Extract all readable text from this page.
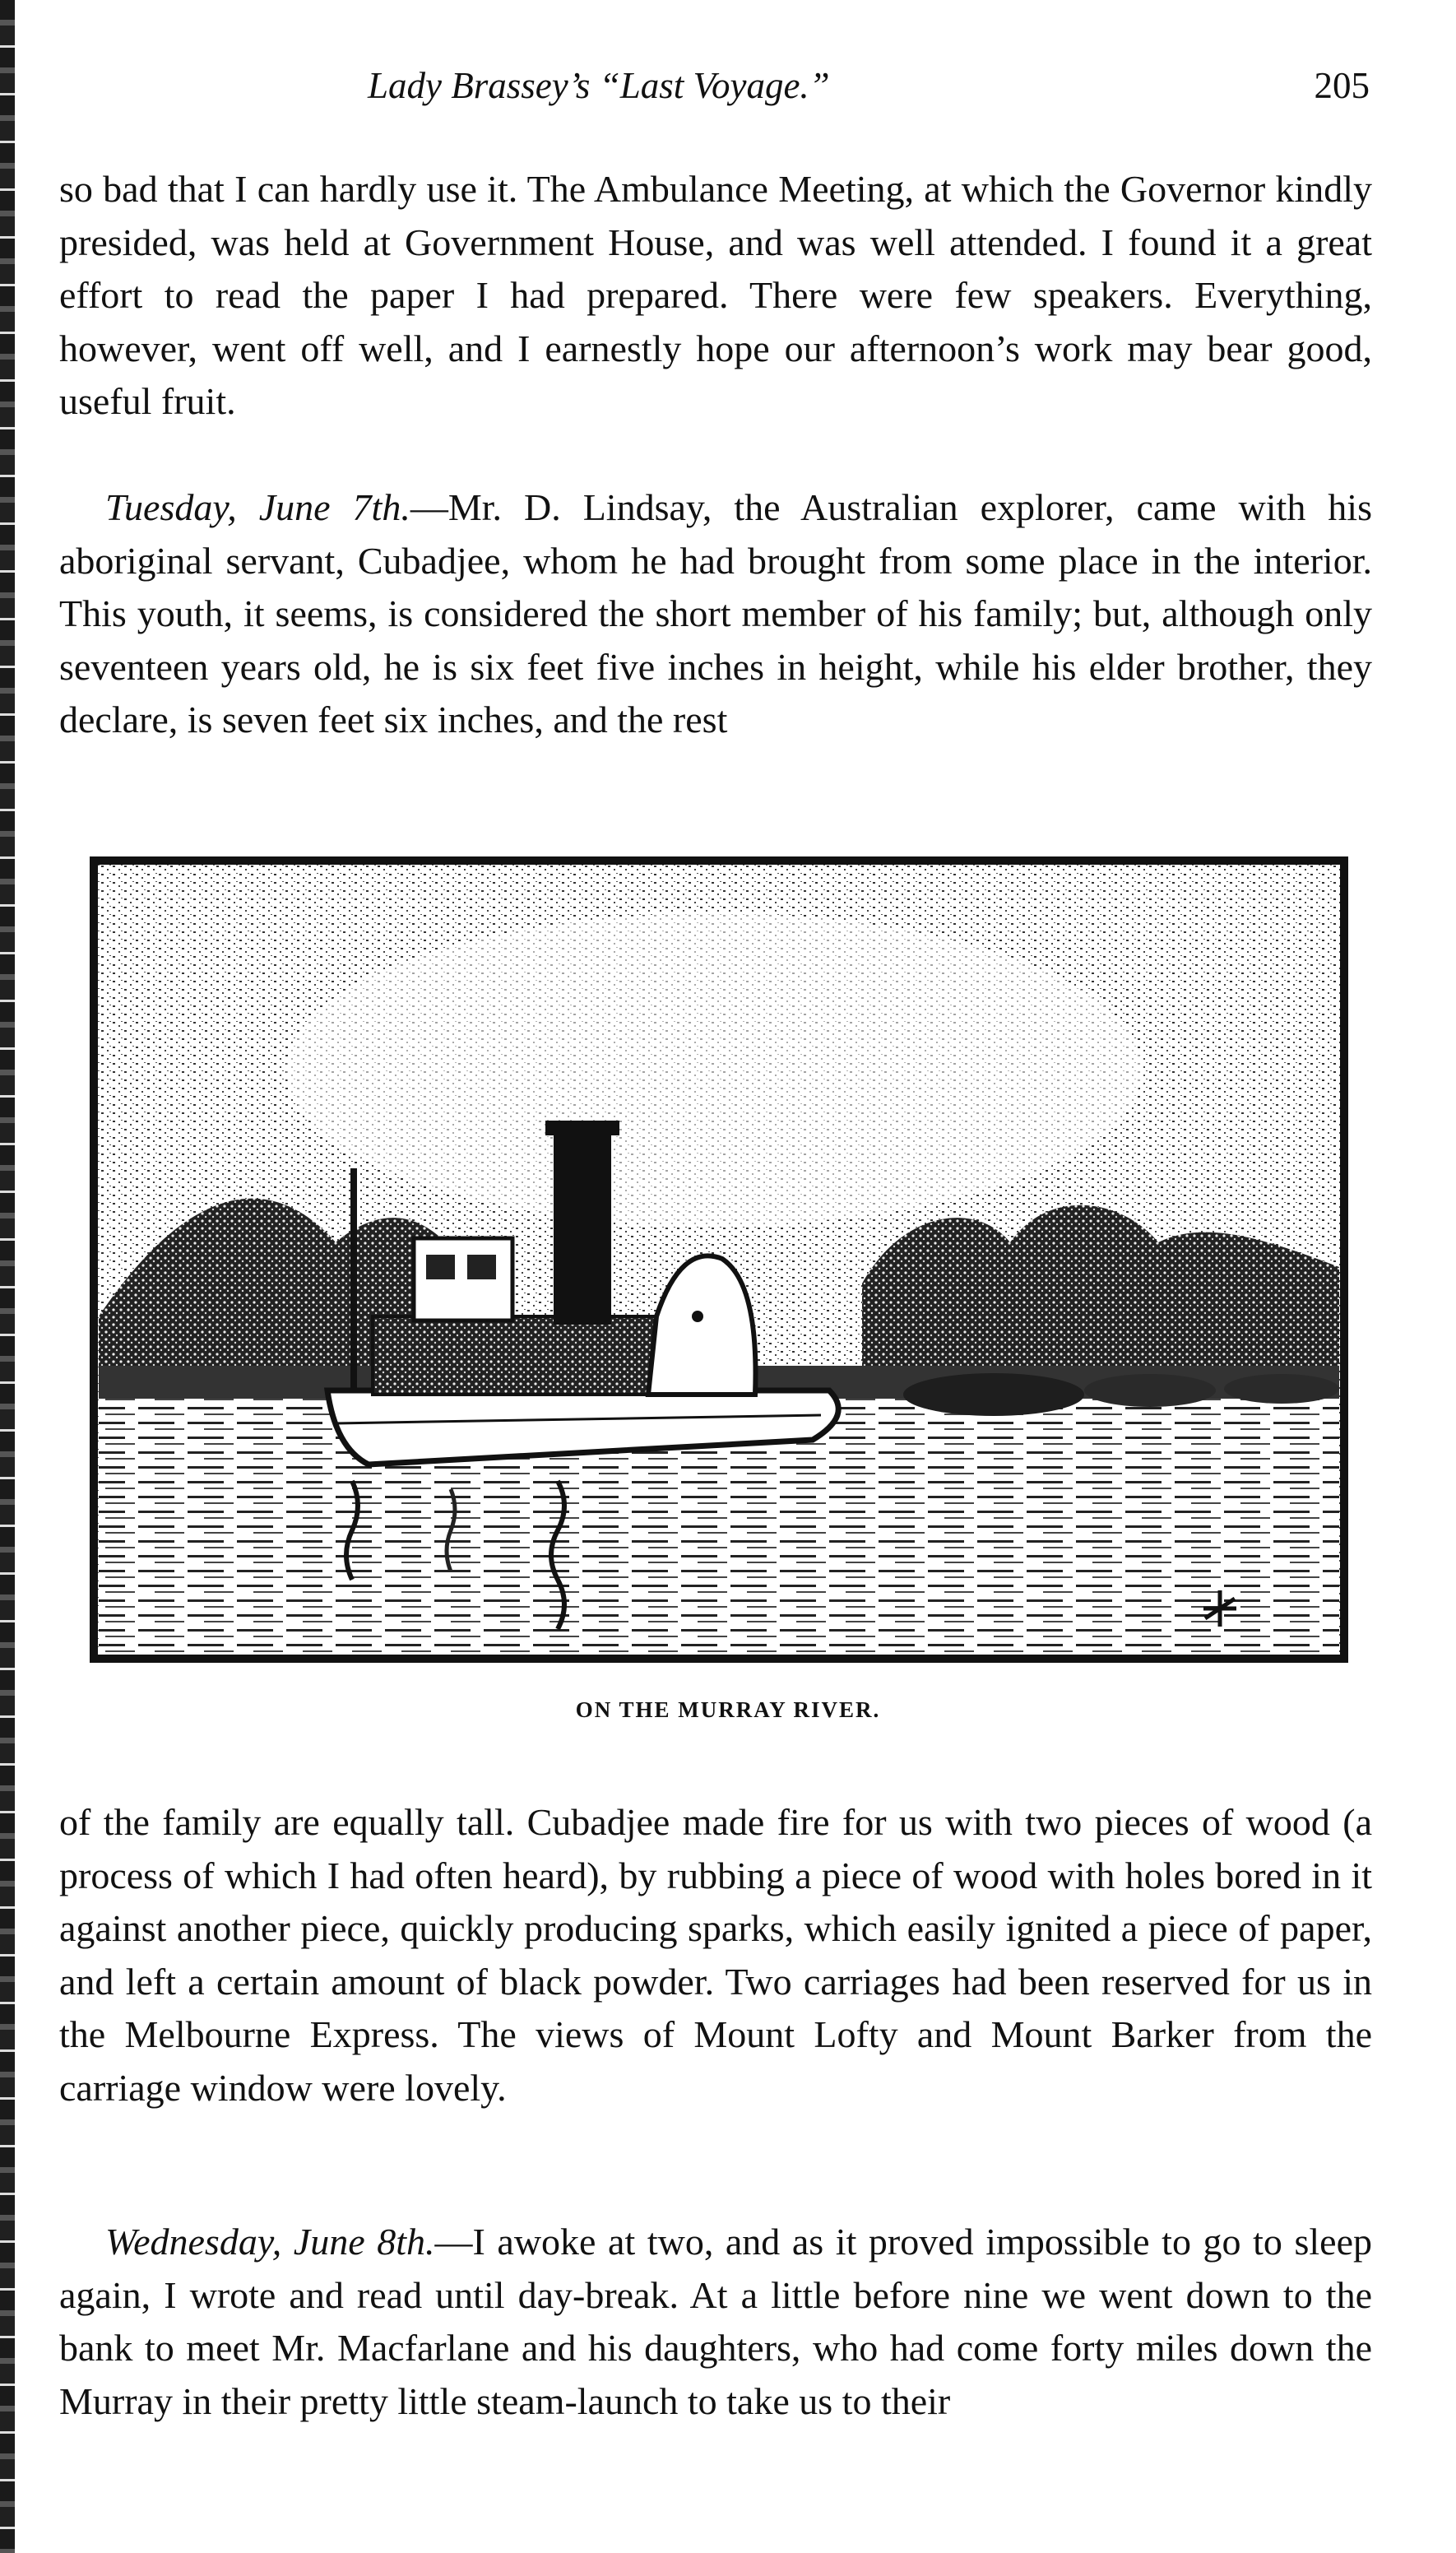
Lady Brassey’s “Last Voyage.”	205

so bad that I can hardly use it. The Ambulance Meeting, at which the Governor kindly presided, was held at Government House, and was well attended. I found it a great effort to read the paper I had prepared. There were few speakers. Everything, however, went off well, and I earnestly hope our afternoon’s work may bear good, useful fruit.

Tuesday, June 7th.—Mr. D. Lindsay, the Australian explorer, came with his aboriginal servant, Cubadjee, whom he had brought from some place in the interior. This youth, it seems, is considered the short member of his family; but, although only seventeen years old, he is six feet five inches in height, while his elder brother, they declare, is seven feet six inches, and the rest

ON THE MURRAY RIVER.

of the family are equally tall. Cubadjee made fire for us with two pieces of wood (a process of which I had often heard), by rubbing a piece of wood with holes bored in it against another piece, quickly producing sparks, which easily ignited a piece of paper, and left a certain amount of black powder. Two carriages had been reserved for us in the Melbourne Express. The views of Mount Lofty and Mount Barker from the carriage window were lovely.

Wednesday, June 8th.—I awoke at two, and as it proved impossible to go to sleep again, I wrote and read until day-break. At a little before nine we went down to the bank to meet Mr. Macfarlane and his daughters, who had come forty miles down the Murray in their pretty little steam-launch to take us to their
